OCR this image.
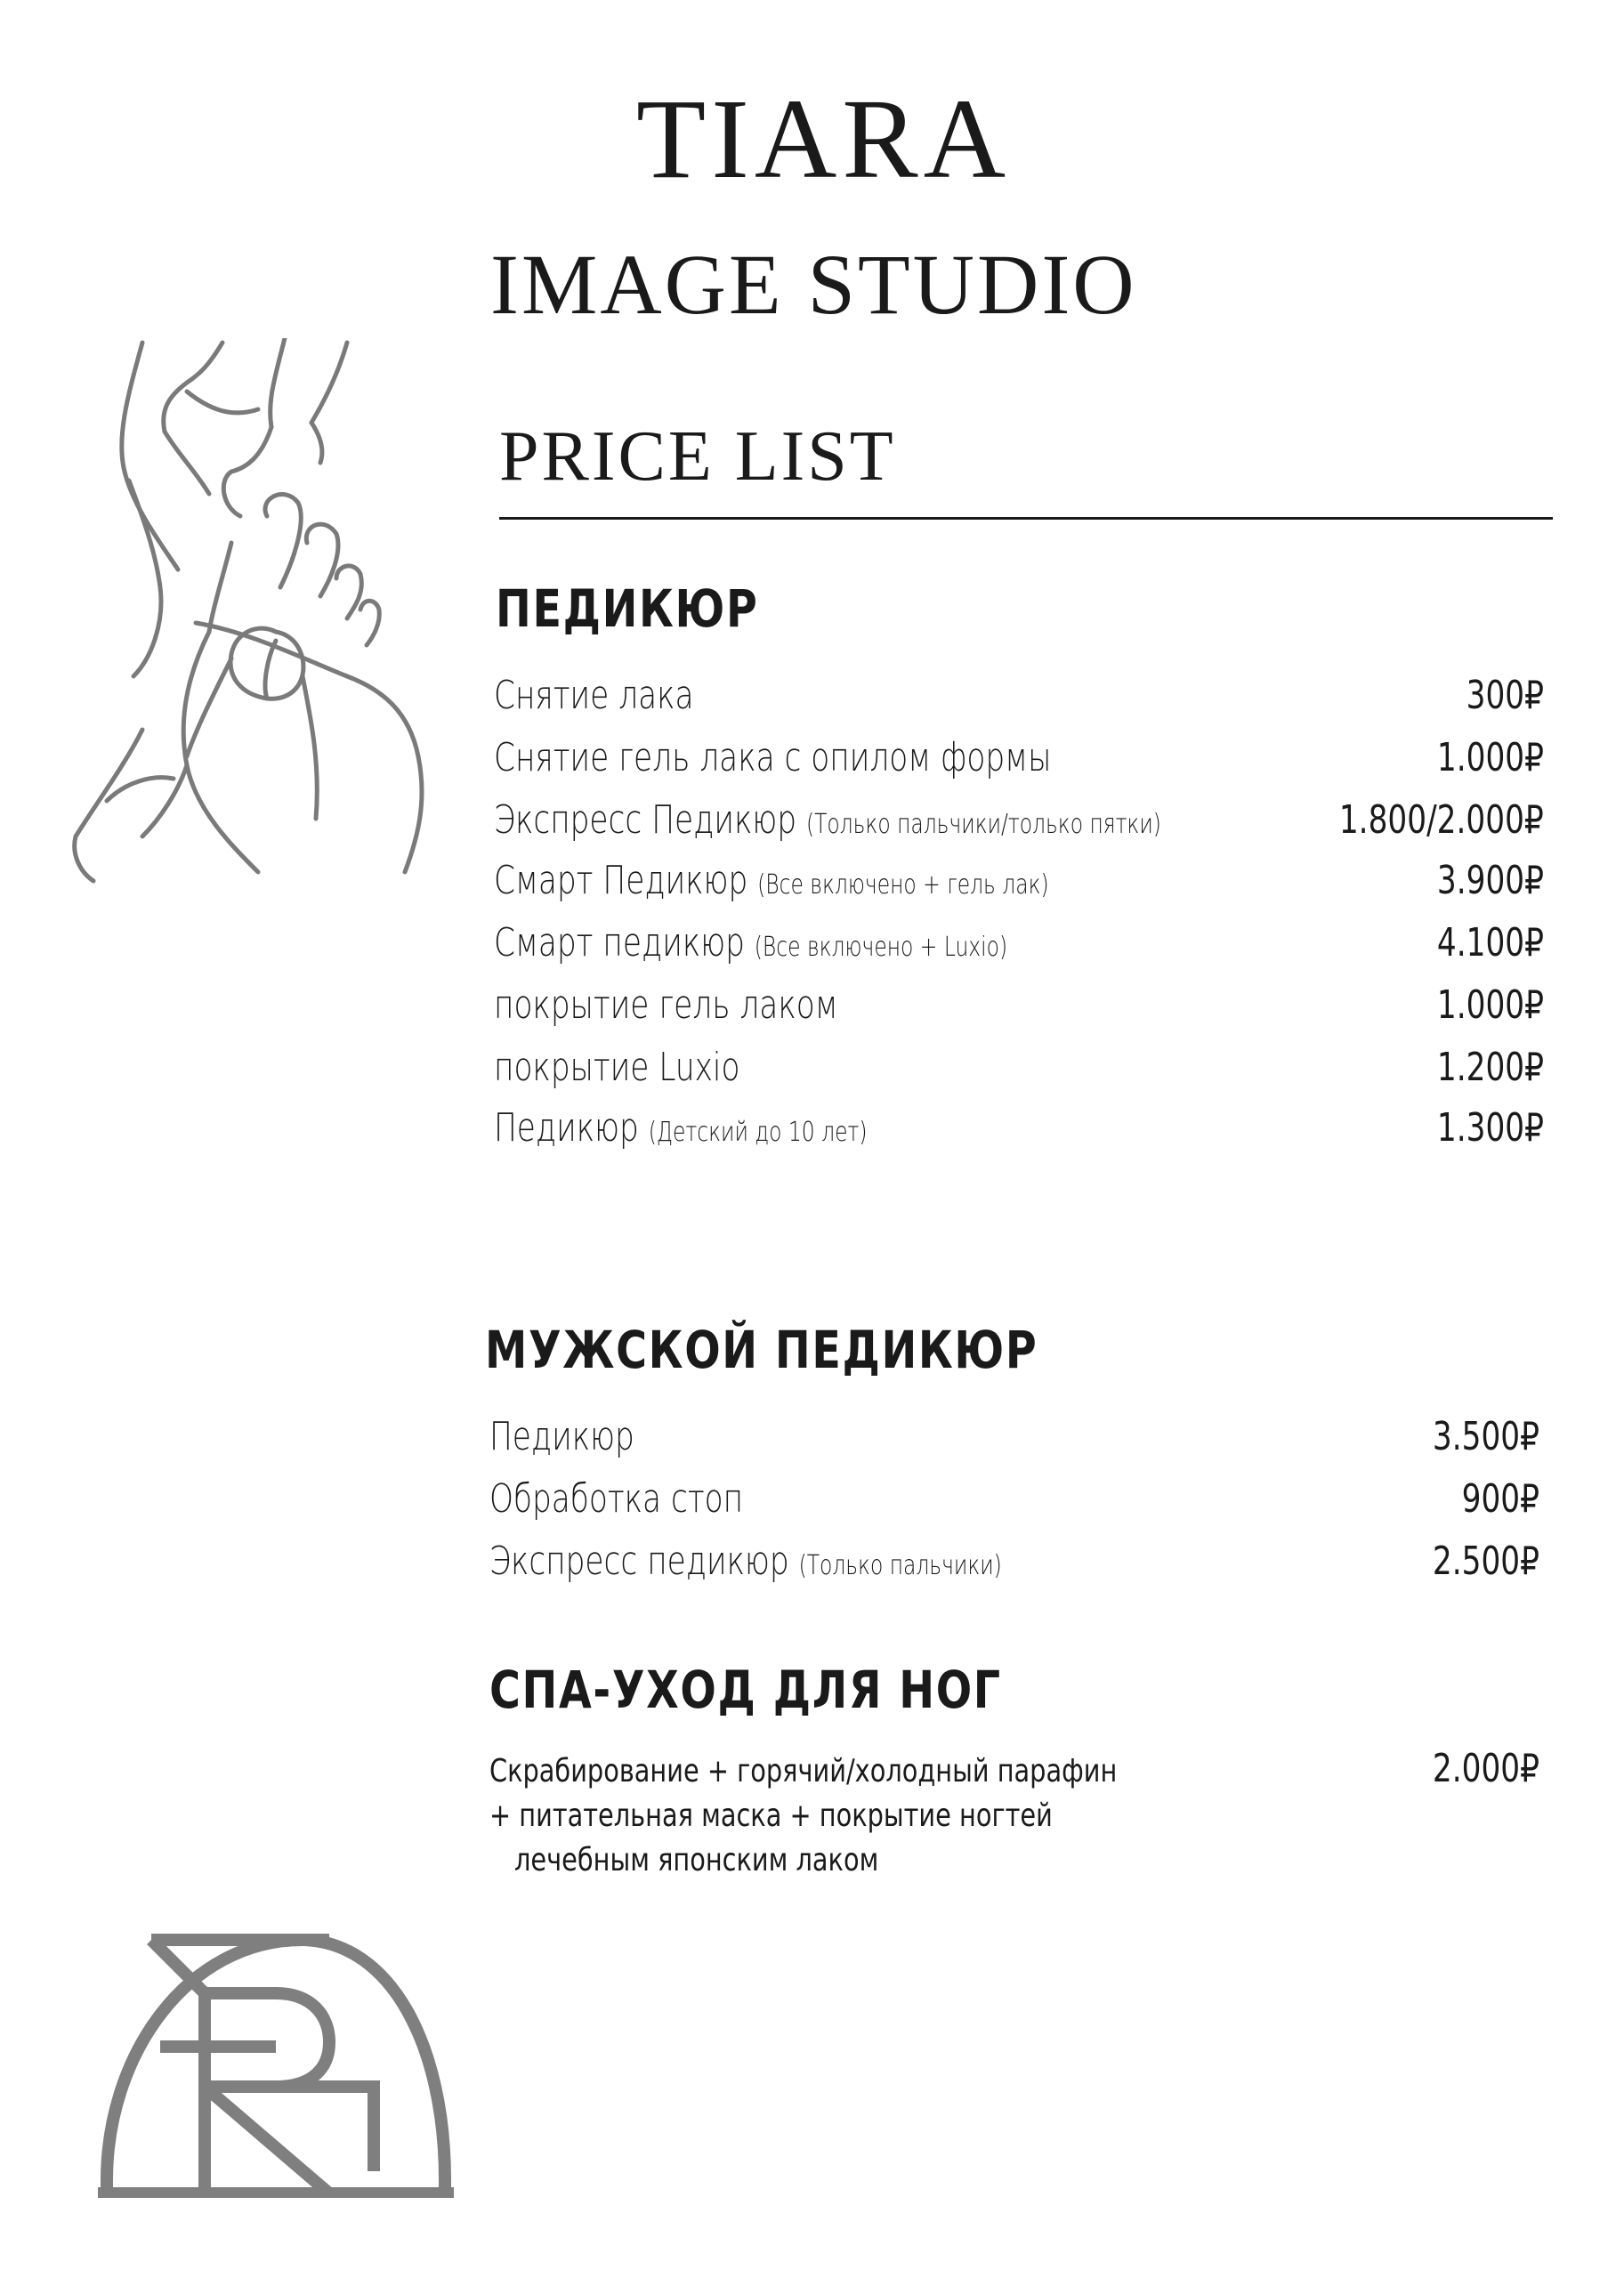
TIARA
IMAGE STUDIO
PRICE LIST
ПЕДИКЮР
Снятие лака	300₽
Снятие гель лака с опилом формы	1.000₽
Экспресс Педикюр (Только пальчики/только пятки)	1.800/2.000₽
Смарт Педикюр (Все включено + гель лак)	3.900₽
Смарт педикюр (Все включено + Luxio)	4.100₽
покрытие гель лаком	1.000₽
покрытие Luxio	1.200₽
Педикюр (Детский до 10 лет)	1.300₽
МУЖСКОЙ ПЕДИКЮР
Педикюр	3.500₽
Обработка стоп	900₽
Экспресс педикюр (Только пальчики)	2.500₽
СПА-УХОД ДЛЯ НОГ
Скрабирование + горячий/холодный парафин
+ питательная маска + покрытие ногтей
лечебным японским лаком
2.000₽
